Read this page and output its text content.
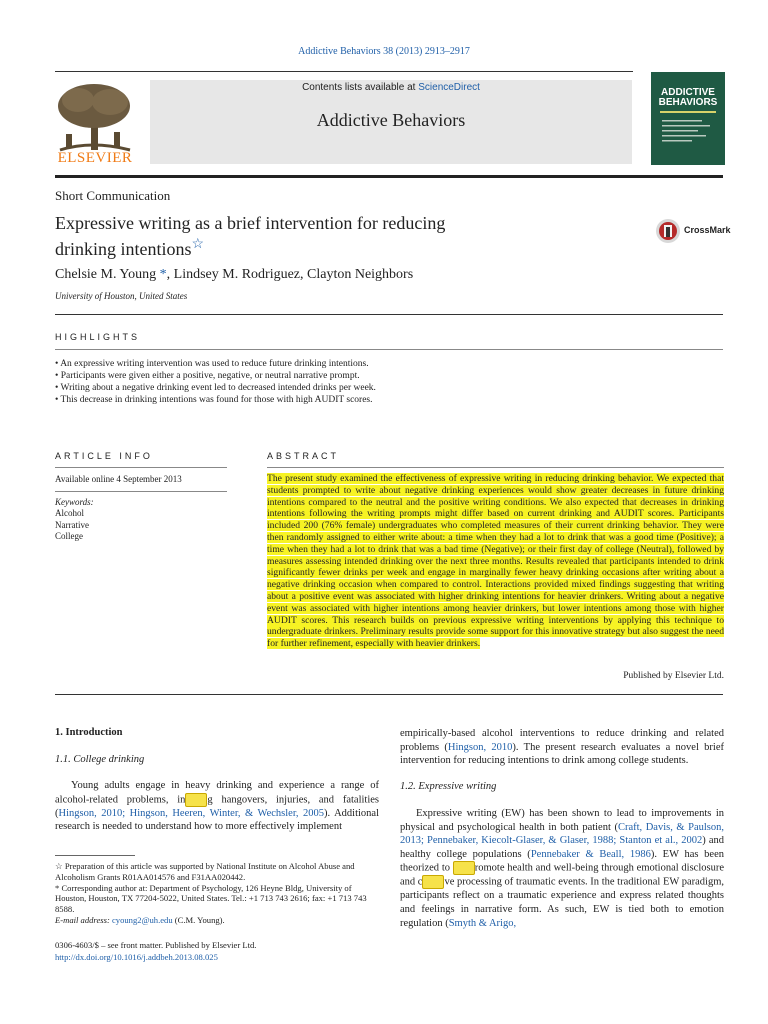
Addictive Behaviors 38 (2013) 2913–2917
ELSEVIER
Contents lists available at ScienceDirect
Addictive Behaviors
ADDICTIVE
BEHAVIORS
Short Communication
Expressive writing as a brief intervention for reducing
drinking intentions☆
CrossMark
Chelsie M. Young *, Lindsey M. Rodriguez, Clayton Neighbors
University of Houston, United States
HIGHLIGHTS
• An expressive writing intervention was used to reduce future drinking intentions.
• Participants were given either a positive, negative, or neutral narrative prompt.
• Writing about a negative drinking event led to decreased intended drinks per week.
• This decrease in drinking intentions was found for those with high AUDIT scores.
ARTICLE INFO
Available online 4 September 2013
Keywords:
Alcohol
Narrative
College
ABSTRACT
The present study examined the effectiveness of expressive writing in reducing drinking behavior. We expected that students prompted to write about negative drinking experiences would show greater decreases in future drinking intentions compared to the neutral and the positive writing conditions. We also expected that decreases in drinking intentions following the writing prompts might differ based on current drinking and AUDIT scores. Participants included 200 (76% female) undergraduates who completed measures of their current drinking behavior. They were then randomly assigned to either write about: a time when they had a lot to drink that was a good time (Positive); a time when they had a lot to drink that was a bad time (Negative); or their first day of college (Neutral), followed by measures assessing intended drinking over the next three months. Results revealed that participants intended to drink significantly fewer drinks per week and engage in marginally fewer heavy drinking occasions after writing about a negative drinking occasion when compared to control. Interactions provided mixed findings suggesting that writing about a positive event was associated with higher drinking intentions for heavier drinkers. Writing about a negative event was associated with higher intentions among heavier drinkers, but lower intentions among those with higher AUDIT scores. This research builds on previous expressive writing interventions by applying this technique to undergraduate drinkers. Preliminary results provide some support for this innovative strategy but also suggest the need for further refinement, especially with heavier drinkers.
Published by Elsevier Ltd.
1. Introduction
1.1. College drinking
Young adults engage in heavy drinking and experience a range of alcohol-related problems, in g hangovers, injuries, and fatalities (Hingson, 2010; Hingson, Heeren, Winter, & Wechsler, 2005). Additional research is needed to understand how to more effectively implement
empirically-based alcohol interventions to reduce drinking and related problems (Hingson, 2010). The present research evaluates a novel brief intervention for reducing intentions to drink among college students.
1.2. Expressive writing
Expressive writing (EW) has been shown to lead to improvements in physical and psychological health in both patient (Craft, Davis, & Paulson, 2013; Pennebaker, Kiecolt-Glaser, & Glaser, 1988; Stanton et al., 2002) and healthy college populations (Pennebaker & Beall, 1986). EW has been theorized to romote health and well-being through emotional disclosure and c ve processing of traumatic events. In the traditional EW paradigm, participants reflect on a traumatic experience and express related thoughts and feelings in narrative form. As such, EW is tied both to emotion regulation (Smyth & Arigo,

☆ Preparation of this article was supported by National Institute on Alcohol Abuse and Alcoholism Grants R01AA014576 and F31AA020442.

* Corresponding author at: Department of Psychology, 126 Heyne Bldg, University of Houston, Houston, TX 77204-5022, United States. Tel.: +1 713 743 2616; fax: +1 713 743 8588.

E-mail address: cyoung2@uh.edu (C.M. Young).

0306-4603/$ – see front matter. Published by Elsevier Ltd.
http://dx.doi.org/10.1016/j.addbeh.2013.08.025
